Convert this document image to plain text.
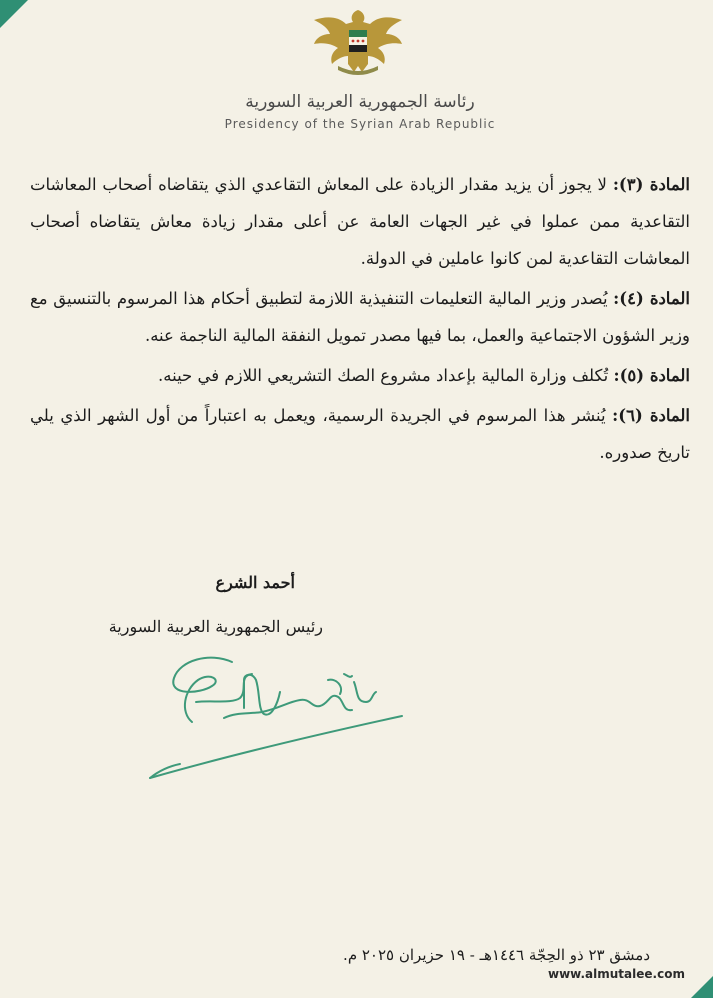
رئاسة الجمهورية العربية السورية
Presidency of the Syrian Arab Republic

المادة (٣): لا يجوز أن يزيد مقدار الزيادة على المعاش التقاعدي الذي يتقاضاه أصحاب المعاشات التقاعدية ممن عملوا في غير الجهات العامة عن أعلى مقدار زيادة معاش يتقاضاه أصحاب المعاشات التقاعدية لمن كانوا عاملين في الدولة.

المادة (٤): يُصدر وزير المالية التعليمات التنفيذية اللازمة لتطبيق أحكام هذا المرسوم بالتنسيق مع وزير الشؤون الاجتماعية والعمل، بما فيها مصدر تمويل النفقة المالية الناجمة عنه.

المادة (٥): تُكلف وزارة المالية بإعداد مشروع الصك التشريعي اللازم في حينه.

المادة (٦): يُنشر هذا المرسوم في الجريدة الرسمية، ويعمل به اعتباراً من أول الشهر الذي يلي تاريخ صدوره.

أحمد الشرع
رئيس الجمهورية العربية السورية
دمشق ٢٣ ذو الحِجّة ١٤٤٦هـ - ١٩ حزيران ٢٠٢٥ م.
www.almutalee.com
